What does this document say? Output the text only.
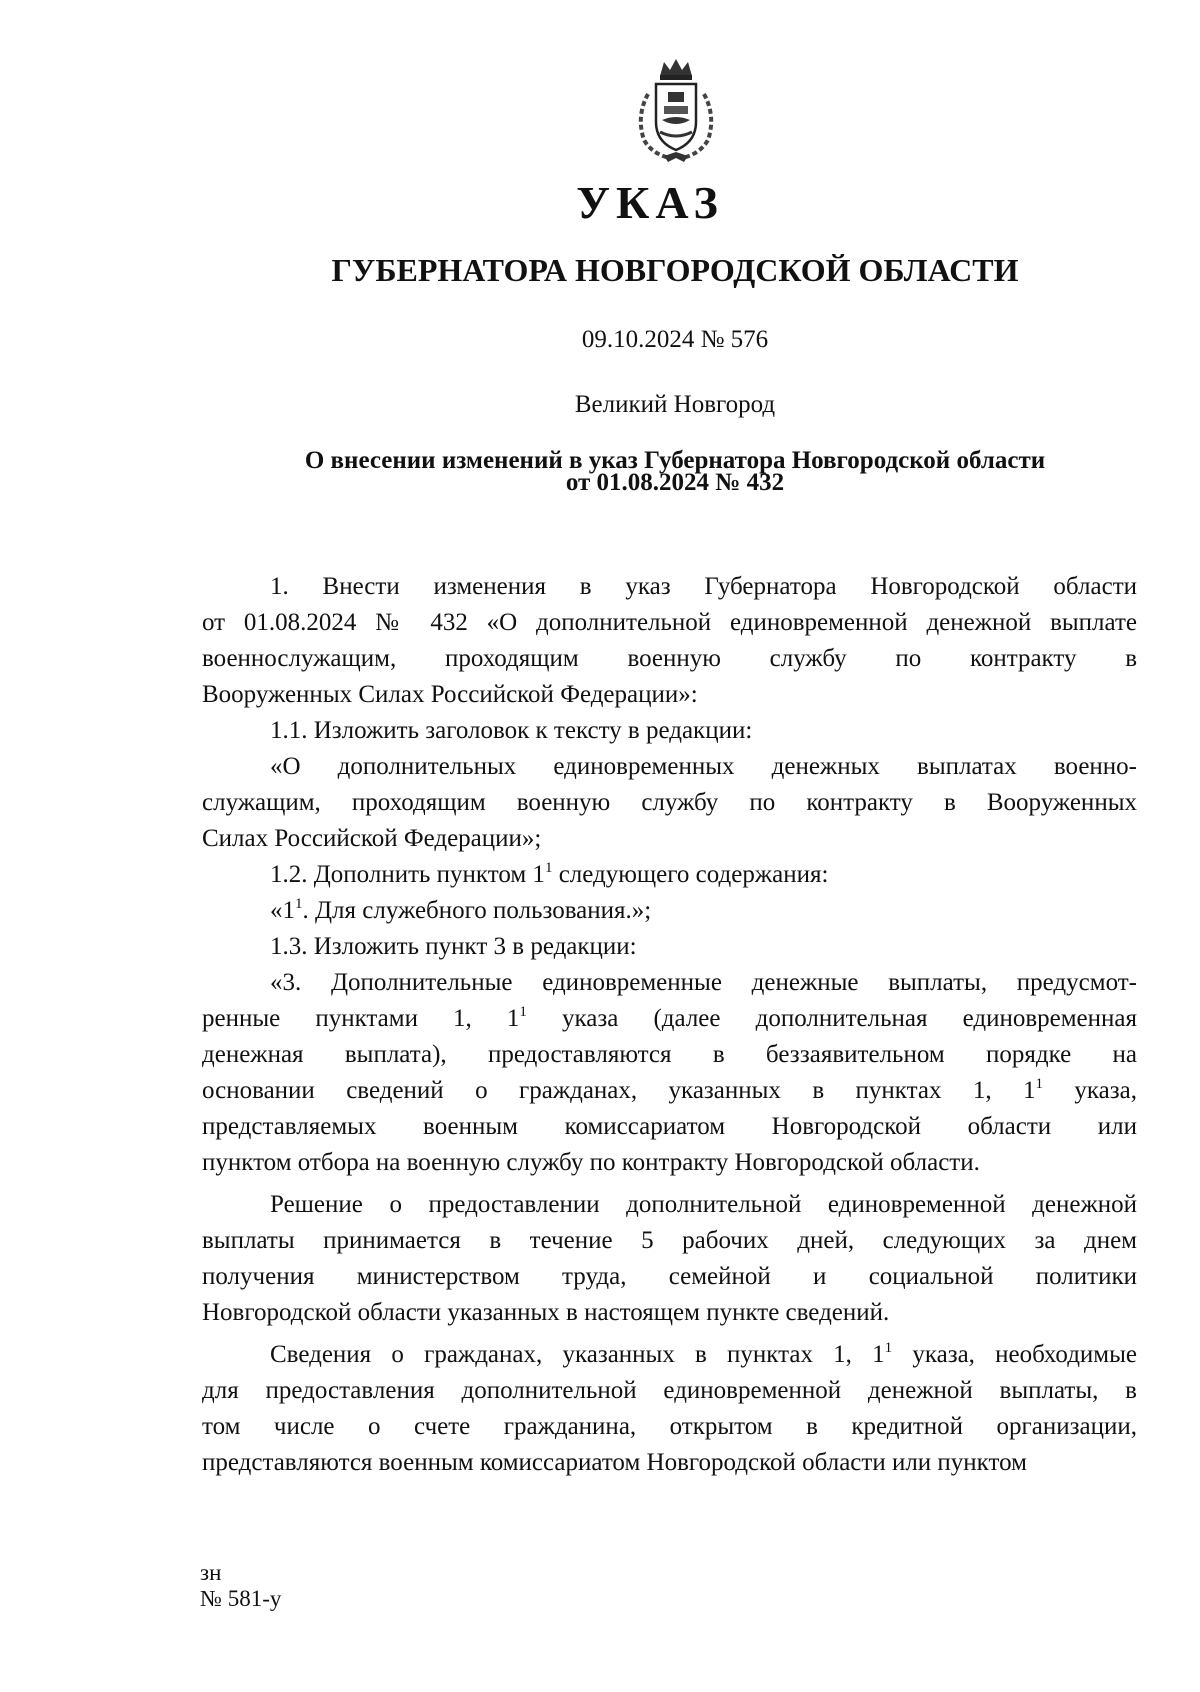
УКАЗ
ГУБЕРНАТОРА НОВГОРОДСКОЙ ОБЛАСТИ
09.10.2024 № 576
Великий Новгород
О внесении изменений в указ Губернатора Новгородской области
от 01.08.2024 № 432
1. Внести изменения в указ Губернатора Новгородской области
от 01.08.2024 № 432 «О дополнительной единовременной денежной выплате
военнослужащим, проходящим военную службу по контракту в
Вооруженных Силах Российской Федерации»:
1.1. Изложить заголовок к тексту в редакции:
«О дополнительных единовременных денежных выплатах военно-
служащим, проходящим военную службу по контракту в Вооруженных
Силах Российской Федерации»;
1.2. Дополнить пунктом $1^1$ следующего содержания:
«$1^1$. Для служебного пользования.»;
1.3. Изложить пункт 3 в редакции:
«3. Дополнительные единовременные денежные выплаты, предусмот-
ренные пунктами 1, $1^1$ указа (далее дополнительная единовременная
денежная выплата), предоставляются в беззаявительном порядке на
основании сведений о гражданах, указанных в пунктах 1, $1^1$ указа,
представляемых военным комиссариатом Новгородской области или
пунктом отбора на военную службу по контракту Новгородской области.
Решение о предоставлении дополнительной единовременной денежной
выплаты принимается в течение 5 рабочих дней, следующих за днем
получения министерством труда, семейной и социальной политики
Новгородской области указанных в настоящем пункте сведений.
Сведения о гражданах, указанных в пунктах 1, $1^1$ указа, необходимые
для предоставления дополнительной единовременной денежной выплаты, в
том числе о счете гражданина, открытом в кредитной организации,
представляются военным комиссариатом Новгородской области или пунктом
зн
№ 581-у
